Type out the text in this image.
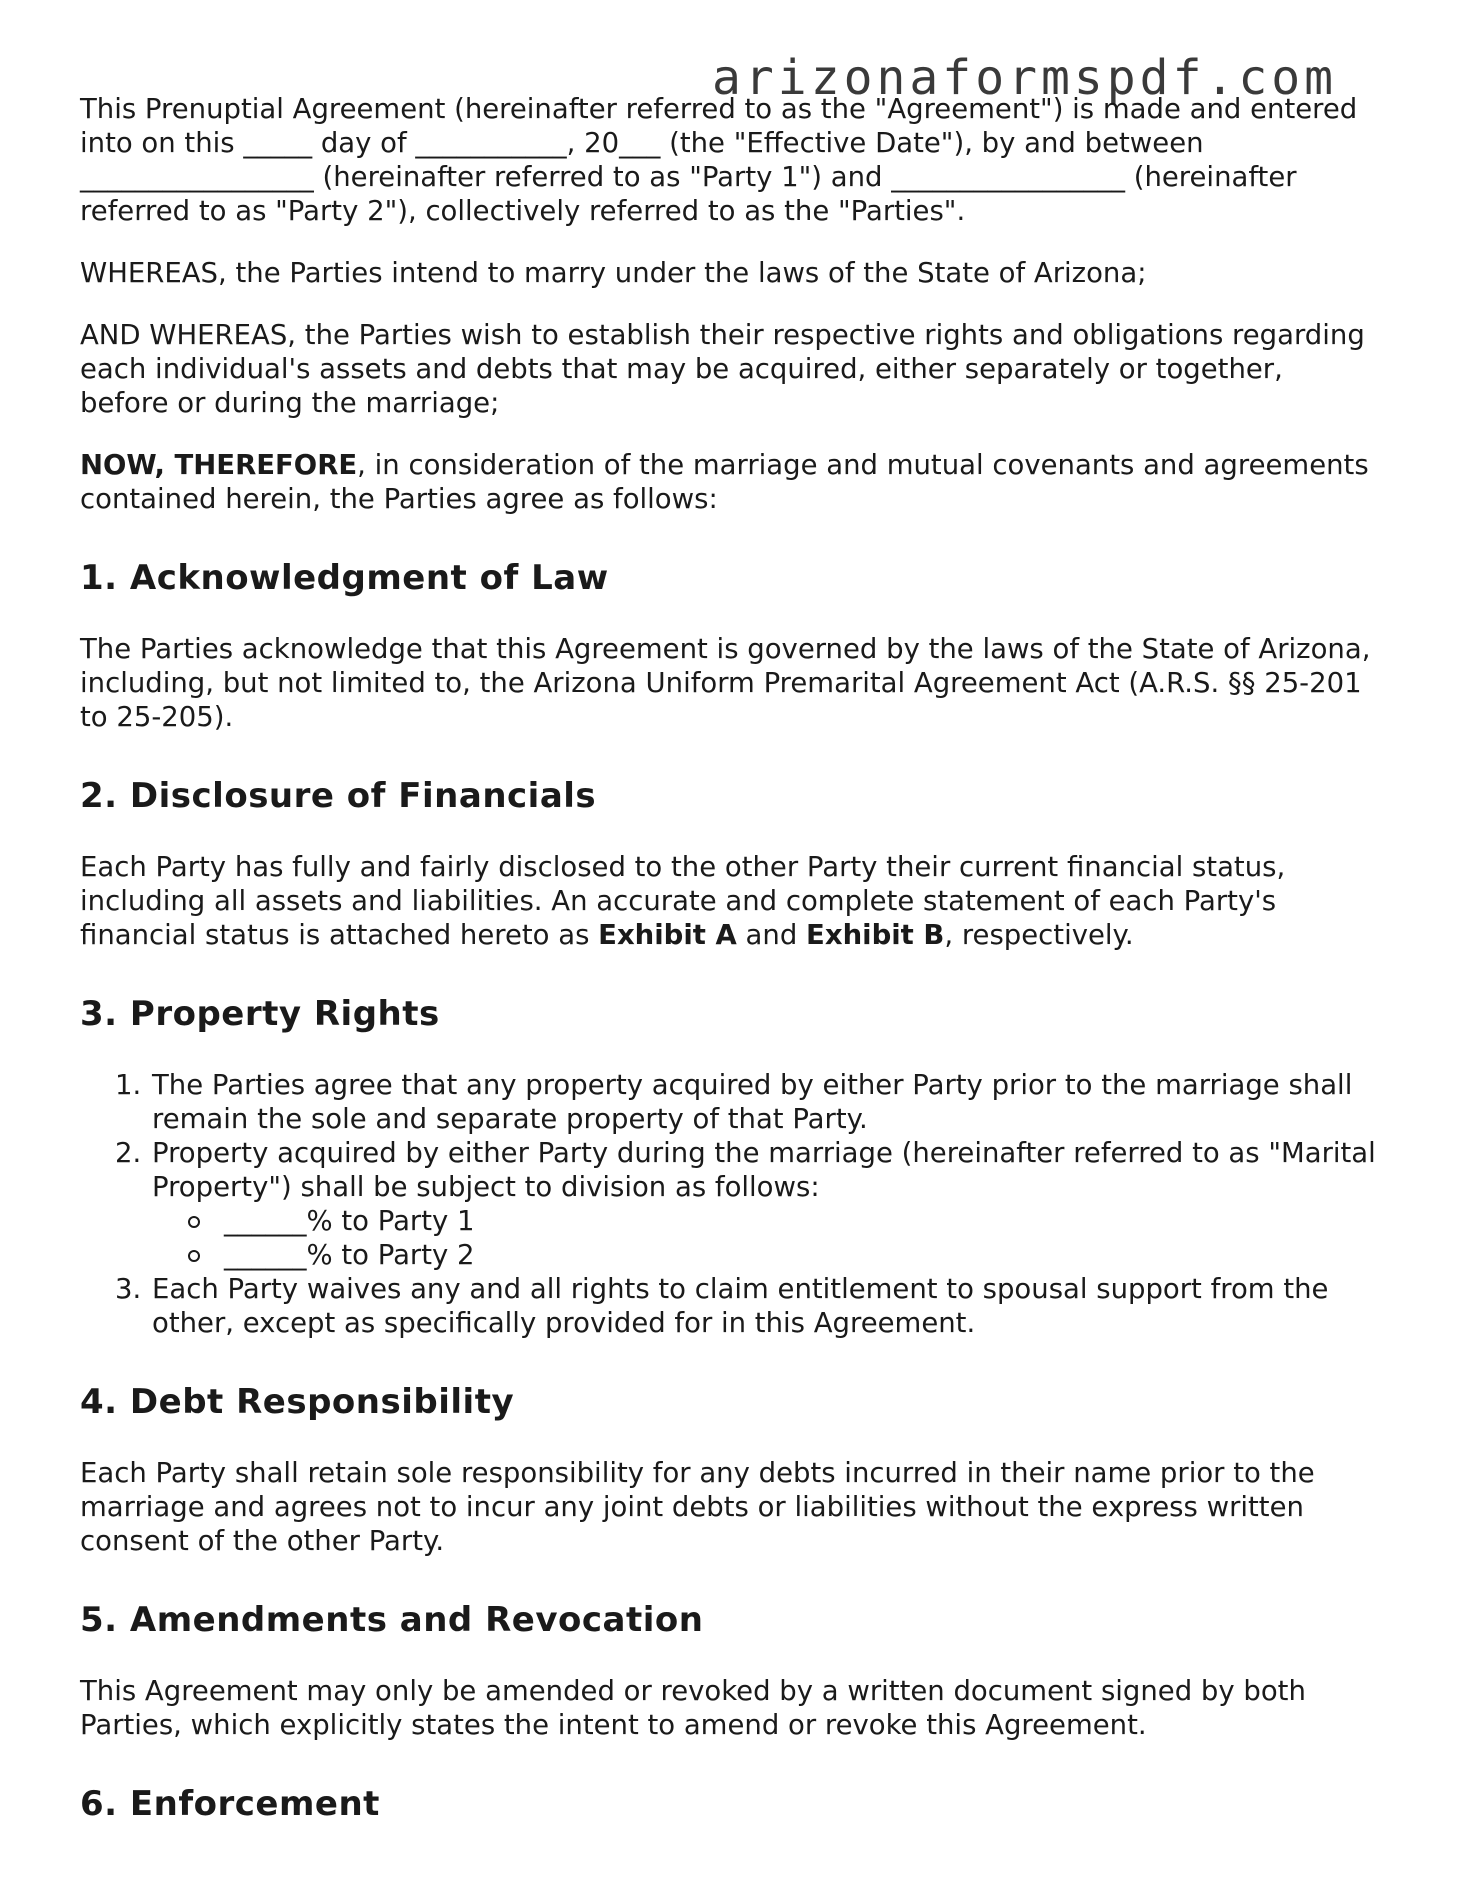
arizonaformspdf.com

This Prenuptial Agreement (hereinafter referred to as the "Agreement") is made and entered into on this _____ day of ___________, 20___ (the "Effective Date"), by and between _________________ (hereinafter referred to as "Party 1") and _________________ (hereinafter referred to as "Party 2"), collectively referred to as the "Parties".

WHEREAS, the Parties intend to marry under the laws of the State of Arizona;

AND WHEREAS, the Parties wish to establish their respective rights and obligations regarding each individual's assets and debts that may be acquired, either separately or together, before or during the marriage;

NOW, THEREFORE, in consideration of the marriage and mutual covenants and agreements contained herein, the Parties agree as follows:

1. Acknowledgment of Law

The Parties acknowledge that this Agreement is governed by the laws of the State of Arizona, including, but not limited to, the Arizona Uniform Premarital Agreement Act (A.R.S. §§ 25-201 to 25-205).

2. Disclosure of Financials

Each Party has fully and fairly disclosed to the other Party their current financial status, including all assets and liabilities. An accurate and complete statement of each Party's financial status is attached hereto as Exhibit A and Exhibit B, respectively.

3. Property Rights
1. The Parties agree that any property acquired by either Party prior to the marriage shall remain the sole and separate property of that Party.
2. Property acquired by either Party during the marriage (hereinafter referred to as "Marital Property") shall be subject to division as follows:
______% to Party 1
______% to Party 2
3. Each Party waives any and all rights to claim entitlement to spousal support from the other, except as specifically provided for in this Agreement.
4. Debt Responsibility

Each Party shall retain sole responsibility for any debts incurred in their name prior to the marriage and agrees not to incur any joint debts or liabilities without the express written consent of the other Party.

5. Amendments and Revocation

This Agreement may only be amended or revoked by a written document signed by both Parties, which explicitly states the intent to amend or revoke this Agreement.

6. Enforcement
